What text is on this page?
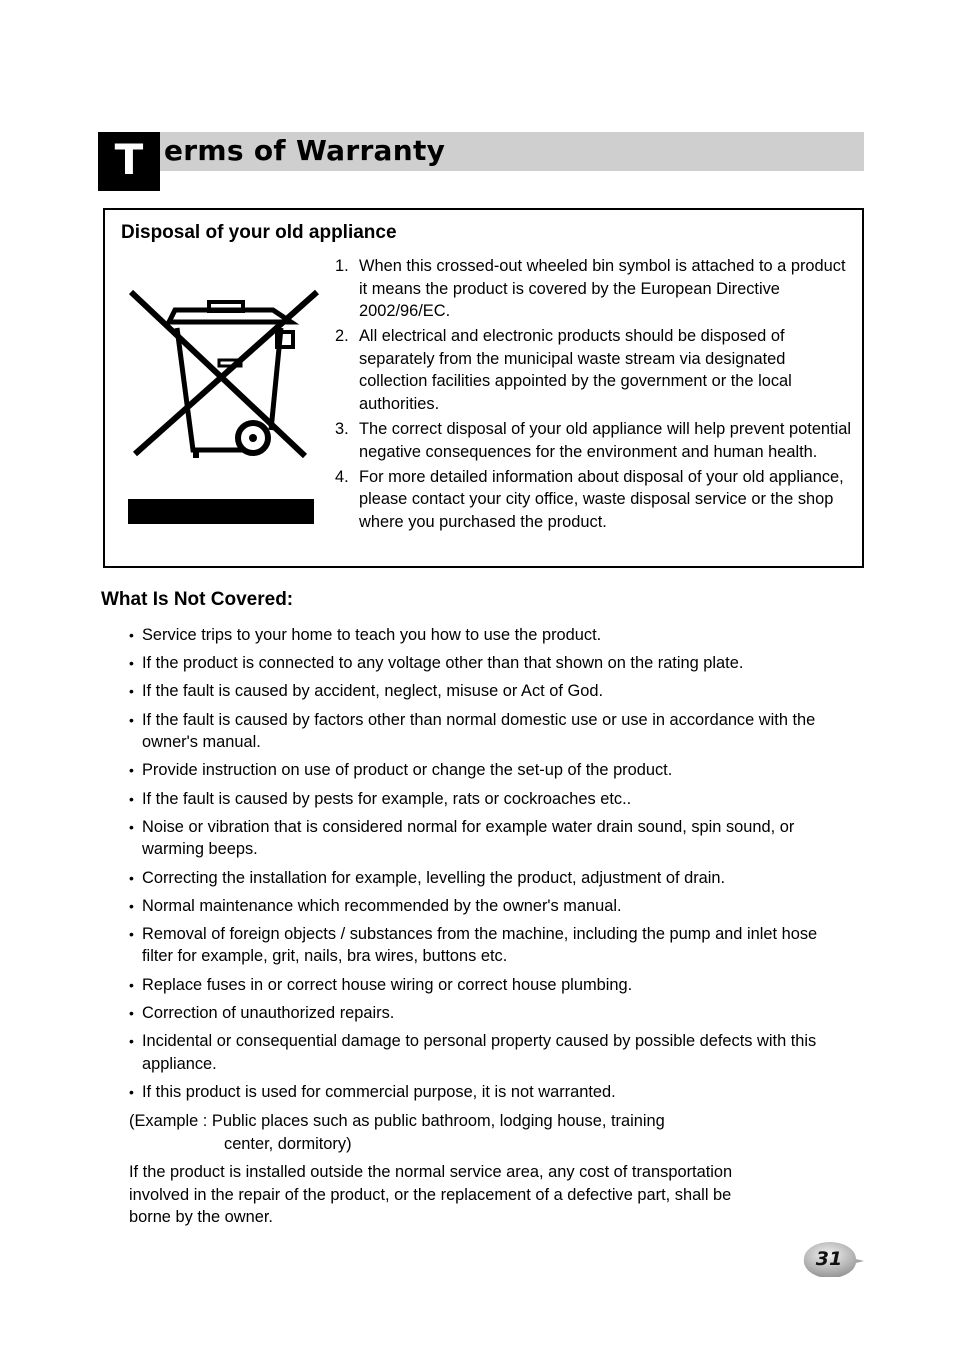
T erms of Warranty
Disposal of your old appliance
1. When this crossed-out wheeled bin symbol is attached to a product it means the product is covered by the European Directive 2002/96/EC.
2. All electrical and electronic products should be disposed of separately from the municipal waste stream via designated collection facilities appointed by the government or the local authorities.
3. The correct disposal of your old appliance will help prevent potential negative consequences for the environment and human health.
4. For more detailed information about disposal of your old appliance, please contact your city office, waste disposal service or the shop where you purchased the product.
What Is Not Covered:
• Service trips to your home to teach you how to use the product.
• If the product is connected to any voltage other than that shown on the rating plate.
• If the fault is caused by accident, neglect, misuse or Act of God.
• If the fault is caused by factors other than normal domestic use or use in accordance with the owner's manual.
• Provide instruction on use of product or change the set-up of the product.
• If the fault is caused by pests for example, rats or cockroaches etc..
• Noise or vibration that is considered normal for example water drain sound, spin sound, or warming beeps.
• Correcting the installation for example, levelling the product, adjustment of drain.
• Normal maintenance which recommended by the owner's manual.
• Removal of foreign objects / substances from the machine, including the pump and inlet hose filter for example, grit, nails, bra wires, buttons etc.
• Replace fuses in or correct house wiring or correct house plumbing.
• Correction of unauthorized repairs.
• Incidental or consequential damage to personal property caused by possible defects with this appliance.
• If this product is used for commercial purpose, it is not warranted.
(Example : Public places such as public bathroom, lodging house, training
center, dormitory)
If the product is installed outside the normal service area, any cost of transportation involved in the repair of the product, or the replacement of a defective part, shall be borne by the owner.
31
